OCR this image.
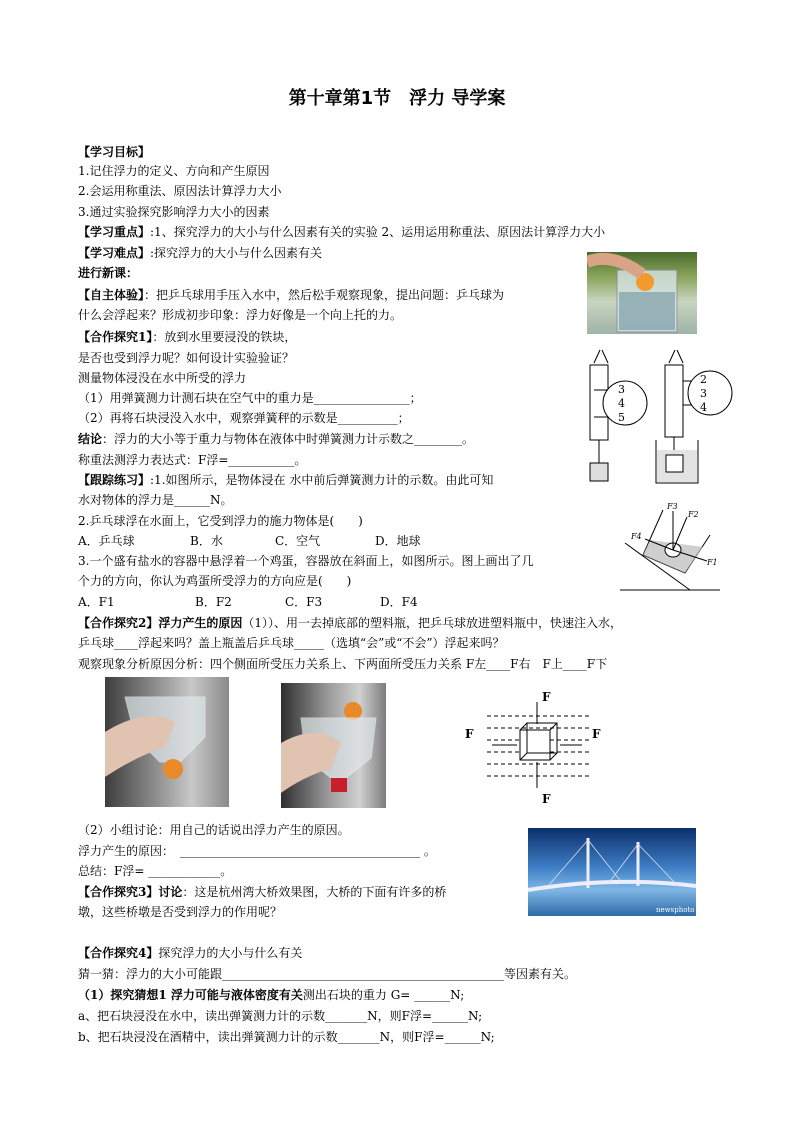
第十章第1节　浮力 导学案
【学习目标】
1.记住浮力的定义、方向和产生原因
2.会运用称重法、原因法计算浮力大小
3.通过实验探究影响浮力大小的因素
【学习重点】:1、探究浮力的大小与什么因素有关的实验 2、运用运用称重法、原因法计算浮力大小
【学习难点】:探究浮力的大小与什么因素有关
进行新课：
【自主体验】：把乒乓球用手压入水中，然后松手观察现象，提出问题：乒乓球为
什么会浮起来？形成初步印象：浮力好像是一个向上托的力。
【合作探究1】：放到水里要浸没的铁块，
是否也受到浮力呢？如何设计实验验证？
测量物体浸没在水中所受的浮力
（1）用弹簧测力计测石块在空气中的重力是________________；
（2）再将石块浸没入水中，观察弹簧秤的示数是__________；
结论：浮力的大小等于重力与物体在液体中时弹簧测力计示数之________。
称重法测浮力表达式：F浮=___________。
【跟踪练习】:1.如图所示，是物体浸在 水中前后弹簧测力计的示数。由此可知
水对物体的浮力是______N。
2.乒乓球浮在水面上，它受到浮力的施力物体是(　　)
A．乒乓球	B．水	C．空气	D．地球
3.一个盛有盐水的容器中悬浮着一个鸡蛋，容器放在斜面上，如图所示。图上画出了几
个力的方向，你认为鸡蛋所受浮力的方向应是(　　)
A．F1	B．F2	C．F3	D．F4
【合作探究2】浮力产生的原因（1））、用一去掉底部的塑料瓶，把乒乓球放进塑料瓶中，快速注入水，
乒乓球____浮起来吗？盖上瓶盖后乒乓球_____（选填“会”或“不会”）浮起来吗？
观察现象分析原因分析：四个侧面所受压力关系上、下两面所受压力关系 F左____F右　F上____F下
（2）小组讨论：用自己的话说出浮力产生的原因。
浮力产生的原因：　________________________________________ 。
总结：F浮= ____________。
【合作探究3】讨论：这是杭州湾大桥效果图，大桥的下面有许多的桥
墩，这些桥墩是否受到浮力的作用呢？
【合作探究4】探究浮力的大小与什么有关
猜一猜：浮力的大小可能跟_______________________________________________等因素有关。
（1）探究猜想1 浮力可能与液体密度有关测出石块的重力 G= ______N;
a、把石块浸没在水中，读出弹簧测力计的示数_______N，则F浮=______N;
b、把石块浸没在酒精中，读出弹簧测力计的示数_______N，则F浮=______N;
3
4
5
2
3
4
F3
F2
F4
F1
F
F	F
F
newsphoto
